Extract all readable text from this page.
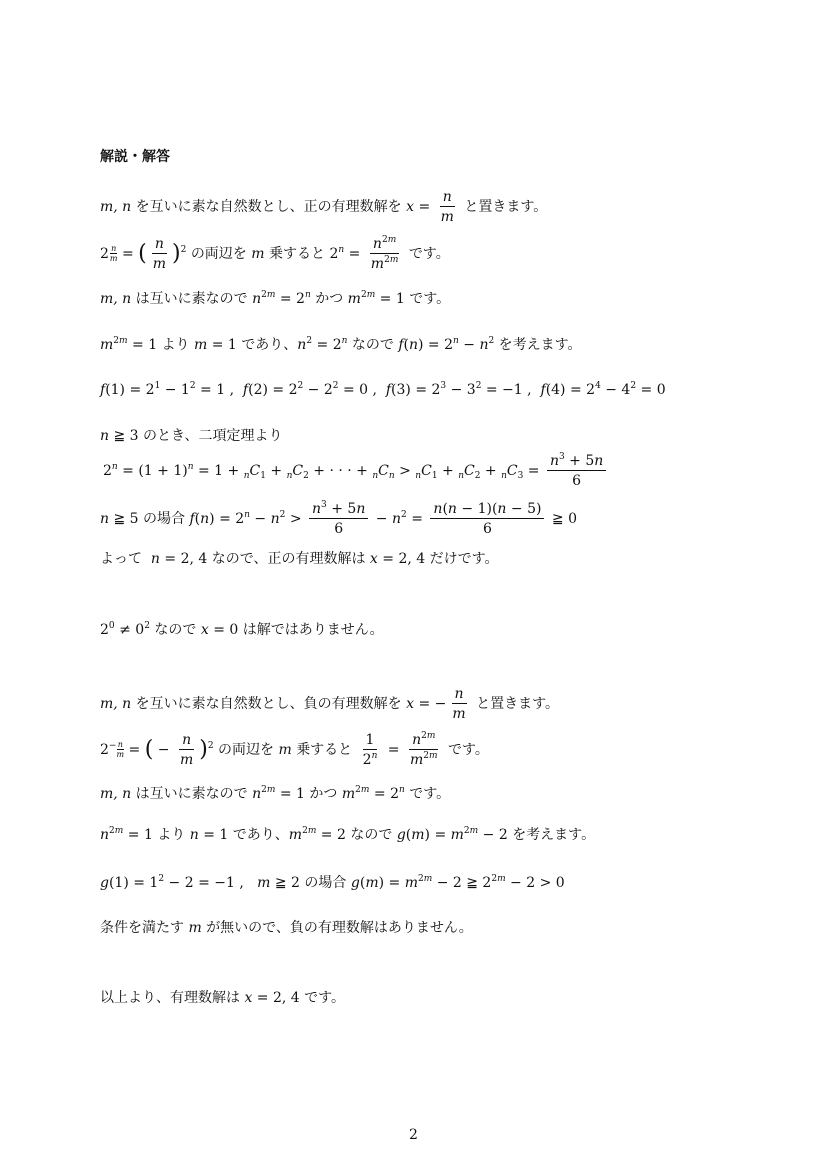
解説・解答
m, n を互いに素な自然数とし、正の有理数解を $x = \frac{n}{m}$ と置きます。
$2 \frac{n}{m}$ = ( $\frac{n}{m} )^2$ の両辺を m 乗すると $2^n = \frac{n^{2m}}{m^{2m}}$ です。
m, n は互いに素なので $n^{2m} = 2^n$ かつ $m^{2m} = 1$ です。
$m^{2m} = 1$ より m = 1 であり、$n^2 = 2^n$ なので $f(n) = 2^n - n^2$ を考えます。
$f(1) = 2^1 - 1^2 = 1$ ,  $f(2) = 2^2 - 2^2 = 0$ ,  $f(3) = 2^3 - 3^2 = -1$ ,  $f(4) = 2^4 - 4^2 = 0$
n ≧ 3 のとき、二項定理より
$2^n = (1 + 1)^n = 1 + _nC_1 + _nC_2$ + · · · + $_nC_n > _nC_1 + _nC_2 + _nC_3 = \frac{n^3 + 5n}{6}$
n ≧ 5 の場合 $f(n) = 2^n - n^2 > \frac{n^3 + 5n}{6} - n^2 = \frac{n(n - 1)(n - 5)}{6}$ ≧ 0
よって n = 2, 4 なので、正の有理数解は x = 2, 4 だけです。
$2^0 \ne 0^2$ なので x = 0 は解ではありません。
m, n を互いに素な自然数とし、負の有理数解を x = − $\frac{n}{m}$ と置きます。
$2^- \frac{n}{m}$ = ( − $\frac{n}{m} )^2$ の両辺を m 乗すると $\frac{1}{2^n} = \frac{n^{2m}}{m^{2m}}$ です。
m, n は互いに素なので $n^{2m} = 1$ かつ $m^{2m} = 2^n$ です。
$n^{2m} = 1$ より n = 1 であり、$m^{2m} = 2$ なので $g(m) = m^{2m} - 2$ を考えます。
$g(1) = 1^2 - 2 = -1$ ,   m ≧ 2 の場合 $g(m) = m^{2m} - 2$ ≧ $2^{2m} - 2 > 0$
条件を満たす m が無いので、負の有理数解はありません。
以上より、有理数解は x = 2, 4 です。
2
